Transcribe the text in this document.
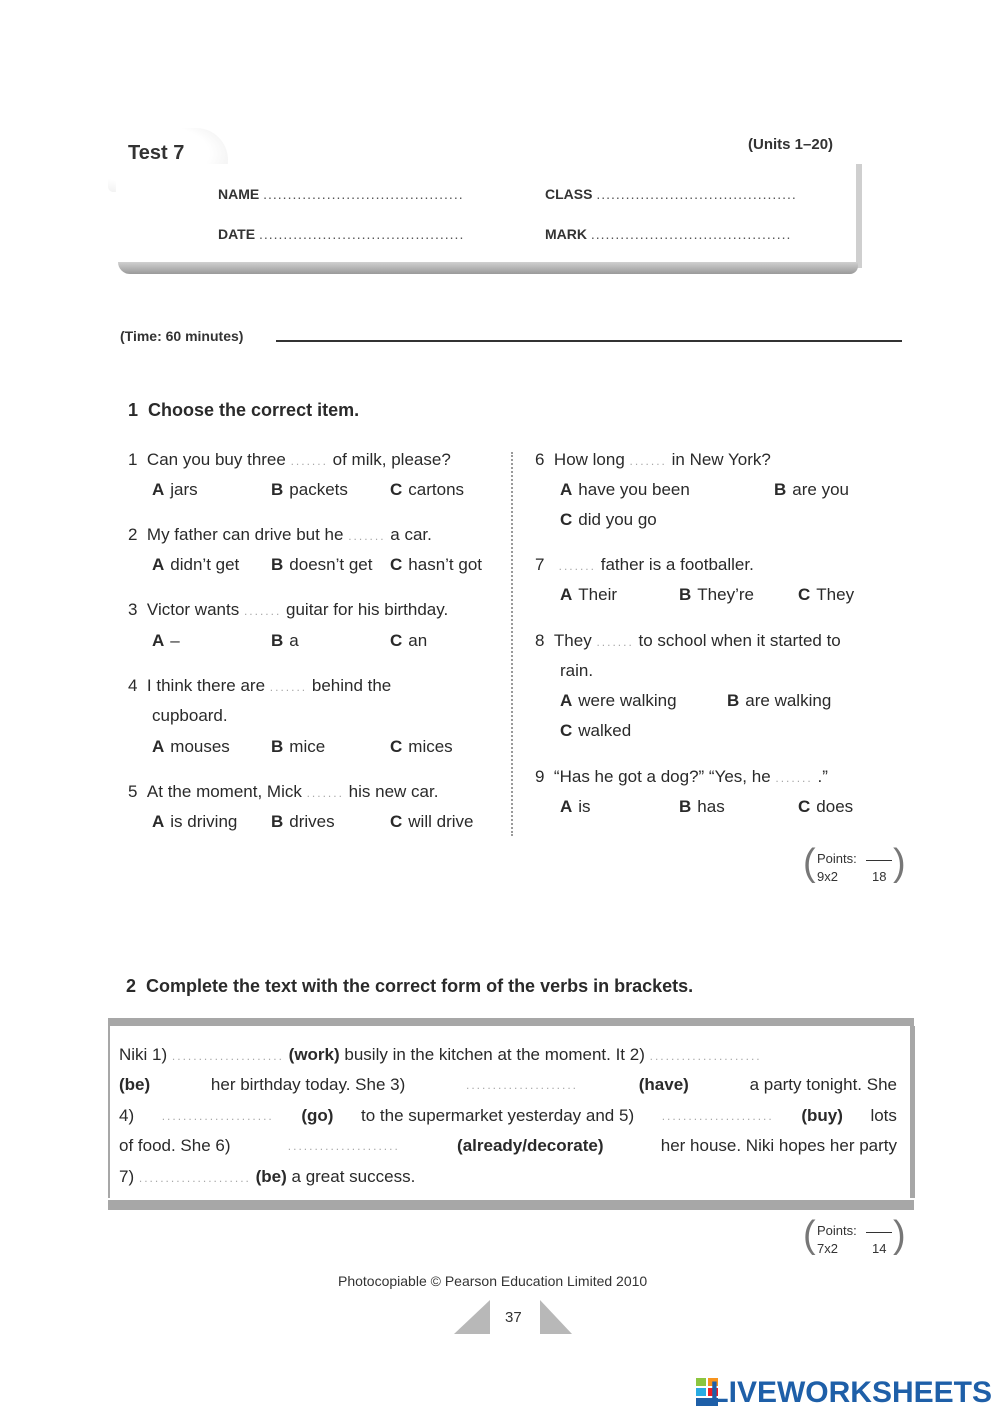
Test 7	(Units 1–20)
NAME .........................................	CLASS .........................................
DATE ..........................................	MARK .........................................
(Time: 60 minutes)
1 Choose the correct item.
1 Can you buy three ....... of milk, please?
A jars	B packets C cartons
2 My father can drive but he ....... a car.
A didn’t get B doesn’t get C hasn’t got
3 Victor wants ....... guitar for his birthday.
A –	B a	C an
4 I think there are ....... behind the
cupboard.
A mouses B mice	C mices
5 At the moment, Mick ....... his new car.
A is driving B drives	C will drive
6 How long ....... in New York?
A have you been	B are you
C did you go
7 ....... father is a footballer.
A Their	B They’re	C They
8 They ....... to school when it started to
rain.
A were walking	B are walking
C walked
9 “Has he got a dog?” “Yes, he ....... .”
A is	B has	C does
( Points:
9x2	18 )
2 Complete the text with the correct form of the verbs in brackets.
Niki 1) ..................... (work) busily in the kitchen at the moment. It 2) .....................
(be)	her birthday today. She 3)	.....................	(have)	a party tonight. She
4) ..................... (go) to the supermarket yesterday and 5) ..................... (buy) lots
of food. She 6)	.....................	(already/decorate)	her house. Niki hopes her party
7) ..................... (be) a great success.
( Points:
7x2	14 )
Photocopiable © Pearson Education Limited 2010
37
LIVEWORKSHEETS
